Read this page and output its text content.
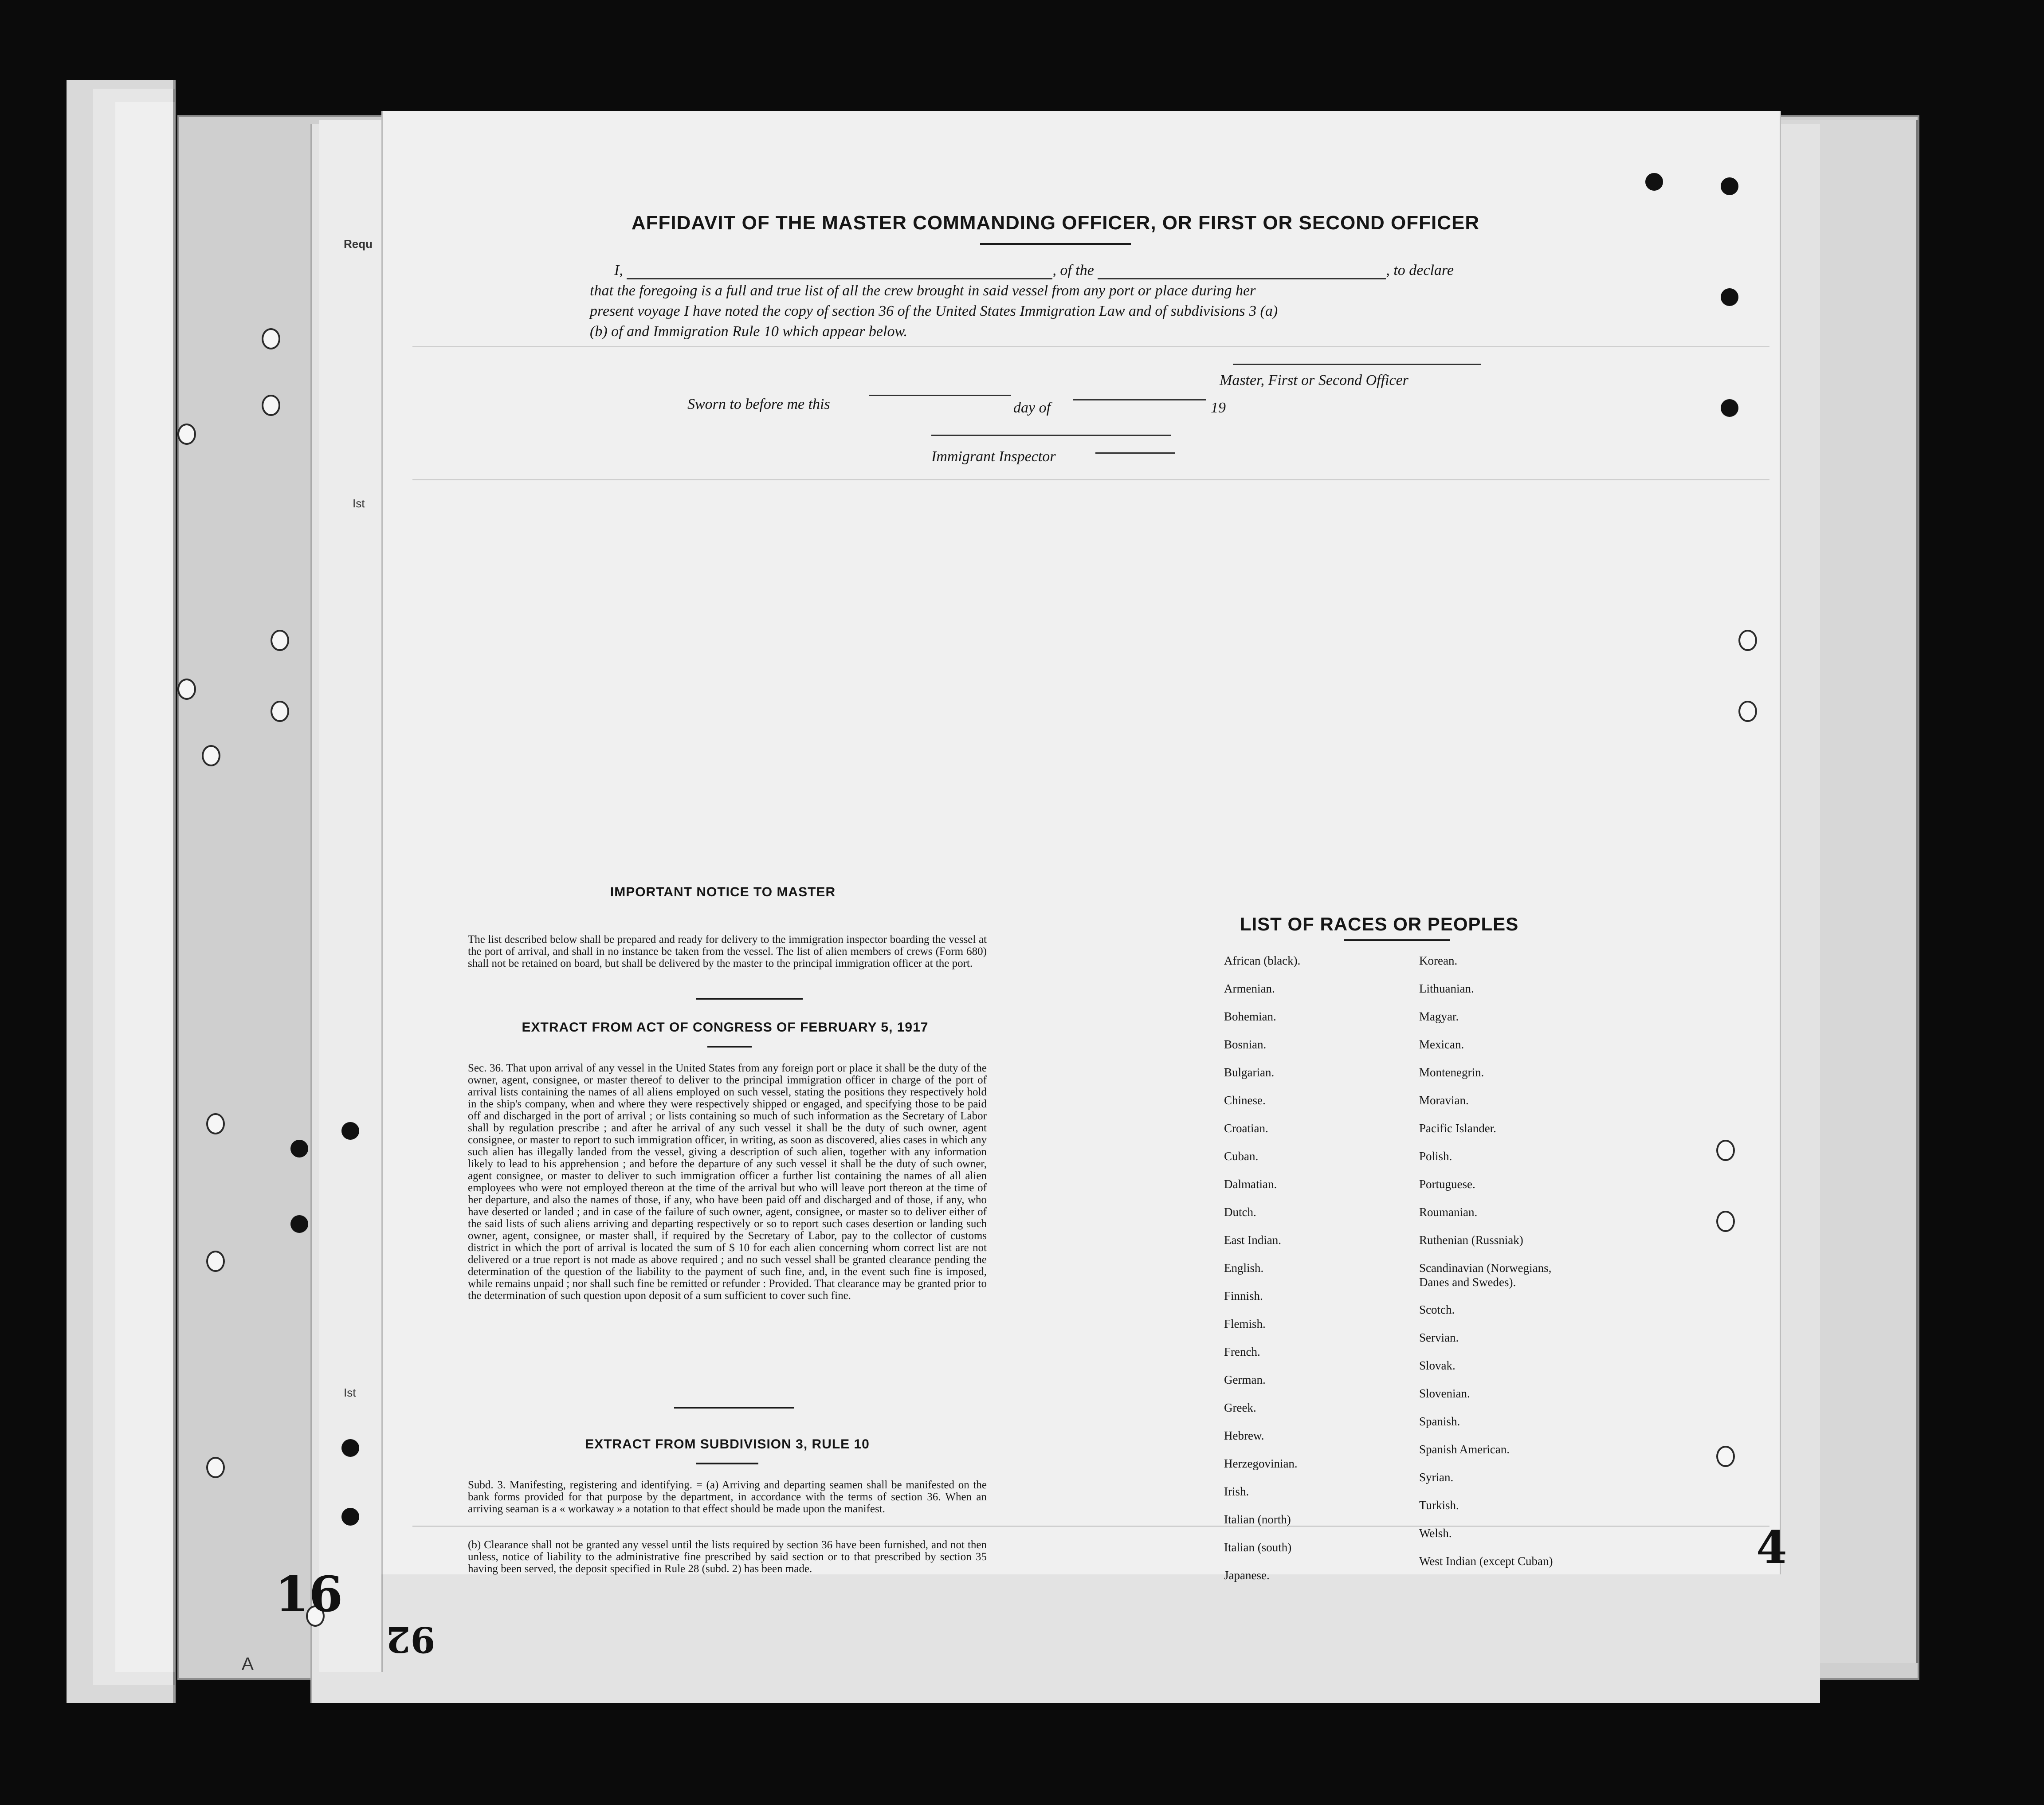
Requ
Ist
Ist
A
AFFIDAVIT OF THE MASTER COMMANDING OFFICER, OR FIRST OR SECOND OFFICER
I,	, of the	, to declare
that the foregoing is a full and true list of all the crew brought in said vessel from any port or place during her
present voyage I have noted the copy of section 36 of the United States Immigration Law and of subdivisions 3 (a)
(b) of and Immigration Rule 10 which appear below.
Master, First or Second Officer
Sworn to before me this	day of	19
Immigrant Inspector
IMPORTANT NOTICE TO MASTER
The list described below shall be prepared and ready for delivery to the immigration inspector boarding the vessel at the port of arrival, and shall in no instance be taken from the vessel. The list of alien members of crews (Form 680) shall not be retained on board, but shall be delivered by the master to the principal immigration officer at the port.
EXTRACT FROM ACT OF CONGRESS OF FEBRUARY 5, 1917
Sec. 36. That upon arrival of any vessel in the United States from any foreign port or place it shall be the duty of the owner, agent, consignee, or master thereof to deliver to the principal immigration officer in charge of the port of arrival lists containing the names of all aliens employed on such vessel, stating the positions they respectively hold in the ship's company, when and where they were respectively shipped or engaged, and specifying those to be paid off and discharged in the port of arrival ; or lists containing so much of such information as the Secretary of Labor shall by regulation prescribe ; and after he arrival of any such vessel it shall be the duty of such owner, agent consignee, or master to report to such immigration officer, in writing, as soon as discovered, alies cases in which any such alien has illegally landed from the vessel, giving a description of such alien, together with any information likely to lead to his apprehension ; and before the departure of any such vessel it shall be the duty of such owner, agent consignee, or master to deliver to such immigration officer a further list containing the names of all alien employees who were not employed thereon at the time of the arrival but who will leave port thereon at the time of her departure, and also the names of those, if any, who have been paid off and discharged and of those, if any, who have deserted or landed ; and in case of the failure of such owner, agent, consignee, or master so to deliver either of the said lists of such aliens arriving and departing respectively or so to report such cases desertion or landing such owner, agent, consignee, or master shall, if required by the Secretary of Labor, pay to the collector of customs district in which the port of arrival is located the sum of $ 10 for each alien concerning whom correct list are not delivered or a true report is not made as above required ; and no such vessel shall be granted clearance pending the determination of the question of the liability to the payment of such fine, and, in the event such fine is imposed, while remains unpaid ; nor shall such fine be remitted or refunder : Provided. That clearance may be granted prior to the determination of such question upon deposit of a sum sufficient to cover such fine.
EXTRACT FROM SUBDIVISION 3, RULE 10
Subd. 3. Manifesting, registering and identifying. = (a) Arriving and departing seamen shall be manifested on the bank forms provided for that purpose by the department, in accordance with the terms of section 36. When an arriving seaman is a « workaway » a notation to that effect should be made upon the manifest.
(b) Clearance shall not be granted any vessel until the lists required by section 36 have been furnished, and not then unless, notice of liability to the administrative fine prescribed by said section or to that prescribed by section 35 having been served, the deposit specified in Rule 28 (subd. 2) has been made.
LIST OF RACES OR PEOPLES
African (black).
Armenian.
Bohemian.
Bosnian.
Bulgarian.
Chinese.
Croatian.
Cuban.
Dalmatian.
Dutch.
East Indian.
English.
Finnish.
Flemish.
French.
German.
Greek.
Hebrew.
Herzegovinian.
Irish.
Italian (north)
Italian (south)
Japanese.
Korean.
Lithuanian.
Magyar.
Mexican.
Montenegrin.
Moravian.
Pacific Islander.
Polish.
Portuguese.
Roumanian.
Ruthenian (Russniak)
Scandinavian (Norwegians, Danes and Swedes).
Scotch.
Servian.
Slovak.
Slovenian.
Spanish.
Spanish American.
Syrian.
Turkish.
Welsh.
West Indian (except Cuban)
16
4
92
